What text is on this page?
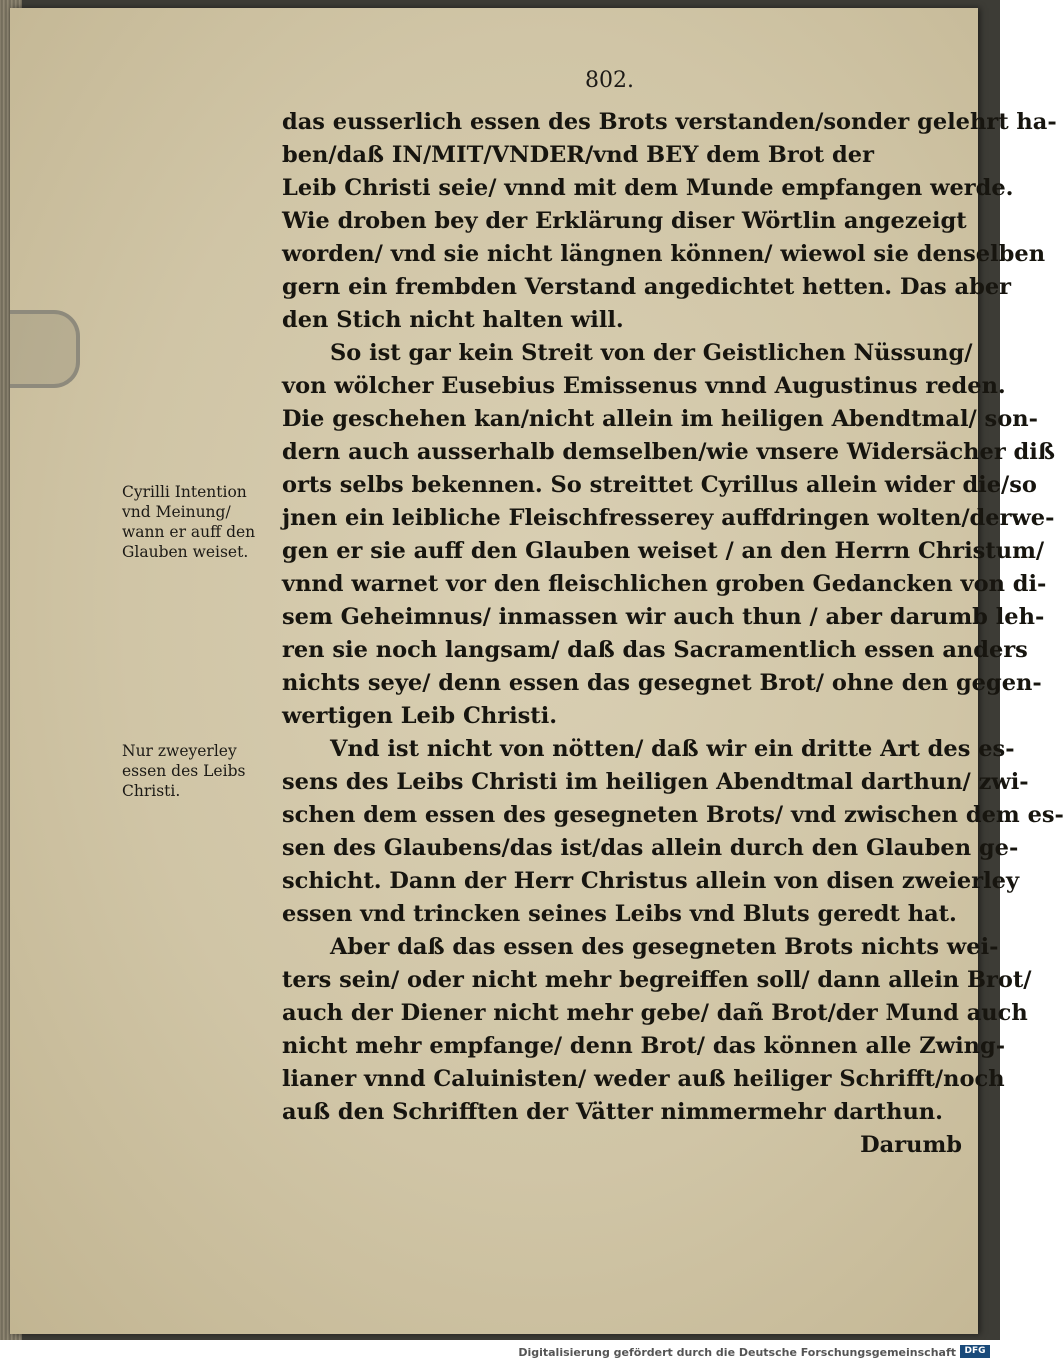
802.
Cyrilli Intention
vnd Meinung/
wann er auff den
Glauben weiset.
Nur zweyerley
essen des Leibs
Christi.
das eusserlich essen des Brots verstanden/sonder gelehrt ha-
ben/daß IN/MIT/VNDER/vnd BEY dem Brot der
Leib Christi seie/ vnnd mit dem Munde empfangen werde.
Wie droben bey der Erklärung diser Wörtlin angezeigt
worden/ vnd sie nicht längnen können/ wiewol sie denselben
gern ein frembden Verstand angedichtet hetten. Das aber
den Stich nicht halten will.
So ist gar kein Streit von der Geistlichen Nüssung/
von wölcher Eusebius Emissenus vnnd Augustinus reden.
Die geschehen kan/nicht allein im heiligen Abendtmal/ son-
dern auch ausserhalb demselben/wie vnsere Widersächer diß
orts selbs bekennen. So streittet Cyrillus allein wider die/so
jnen ein leibliche Fleischfresserey auffdringen wolten/derwe-
gen er sie auff den Glauben weiset / an den Herrn Christum/
vnnd warnet vor den fleischlichen groben Gedancken von di-
sem Geheimnus/ inmassen wir auch thun / aber darumb leh-
ren sie noch langsam/ daß das Sacramentlich essen anders
nichts seye/ denn essen das gesegnet Brot/ ohne den gegen-
wertigen Leib Christi.
Vnd ist nicht von nötten/ daß wir ein dritte Art des es-
sens des Leibs Christi im heiligen Abendtmal darthun/ zwi-
schen dem essen des gesegneten Brots/ vnd zwischen dem es-
sen des Glaubens/das ist/das allein durch den Glauben ge-
schicht. Dann der Herr Christus allein von disen zweierley
essen vnd trincken seines Leibs vnd Bluts geredt hat.
Aber daß das essen des gesegneten Brots nichts wei-
ters sein/ oder nicht mehr begreiffen soll/ dann allein Brot/
auch der Diener nicht mehr gebe/ dañ Brot/der Mund auch
nicht mehr empfange/ denn Brot/ das können alle Zwing-
lianer vnnd Caluinisten/ weder auß heiliger Schrifft/noch
auß den Schrifften der Vätter nimmermehr darthun.
Darumb
Digitalisierung gefördert durch die Deutsche Forschungsgemeinschaft DFG
